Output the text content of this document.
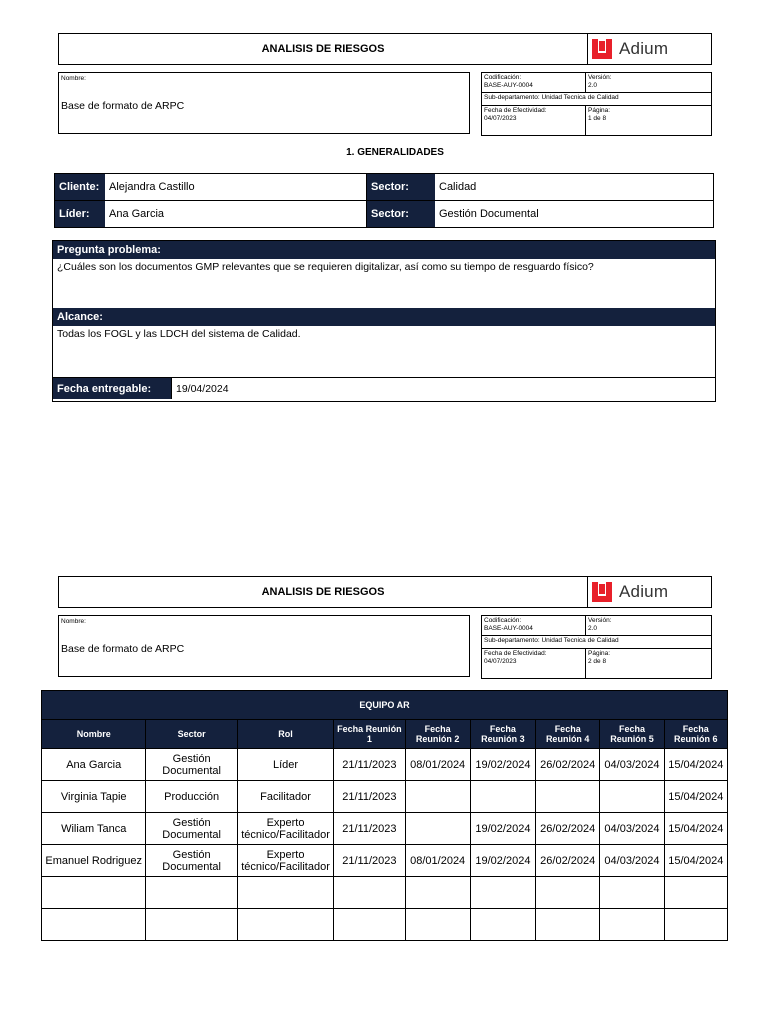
ANALISIS DE RIESGOS	Adium
Nombre:
Base de formato de ARPC
Codificación:
BASE-AUY-0004
Versión:
2.0
Sub-departamento: Unidad Tecnica de Calidad
Fecha de Efectividad:
04/07/2023
Página:
1 de 8
1. GENERALIDADES
Cliente: Alejandra Castillo	Sector:	Calidad
Líder:	Ana Garcia	Sector:	Gestión Documental
Pregunta problema:
¿Cuáles son los documentos GMP relevantes que se requieren digitalizar, así como su tiempo de resguardo físico?
Alcance:
Todas los FOGL y las LDCH del sistema de Calidad.
Fecha entregable:	19/04/2024
ANALISIS DE RIESGOS	Adium
Nombre:
Base de formato de ARPC
Codificación:
BASE-AUY-0004
Versión:
2.0
Sub-departamento: Unidad Tecnica de Calidad
Fecha de Efectividad:
04/07/2023
Página:
2 de 8
EQUIPO AR								
Nombre	Sector	Rol	Fecha Reunión 1	Fecha Reunión 2	Fecha Reunión 3	Fecha Reunión 4	Fecha Reunión 5	Fecha Reunión 6
Ana Garcia	Gestión Documental	Líder	21/11/2023	08/01/2024	19/02/2024	26/02/2024	04/03/2024	15/04/2024
Virginia Tapie	Producción	Facilitador	21/11/2023					15/04/2024
Wiliam Tanca	Gestión Documental	Experto técnico/Facilitador	21/11/2023		19/02/2024	26/02/2024	04/03/2024	15/04/2024
Emanuel Rodriguez	Gestión Documental	Experto técnico/Facilitador	21/11/2023	08/01/2024	19/02/2024	26/02/2024	04/03/2024	15/04/2024
